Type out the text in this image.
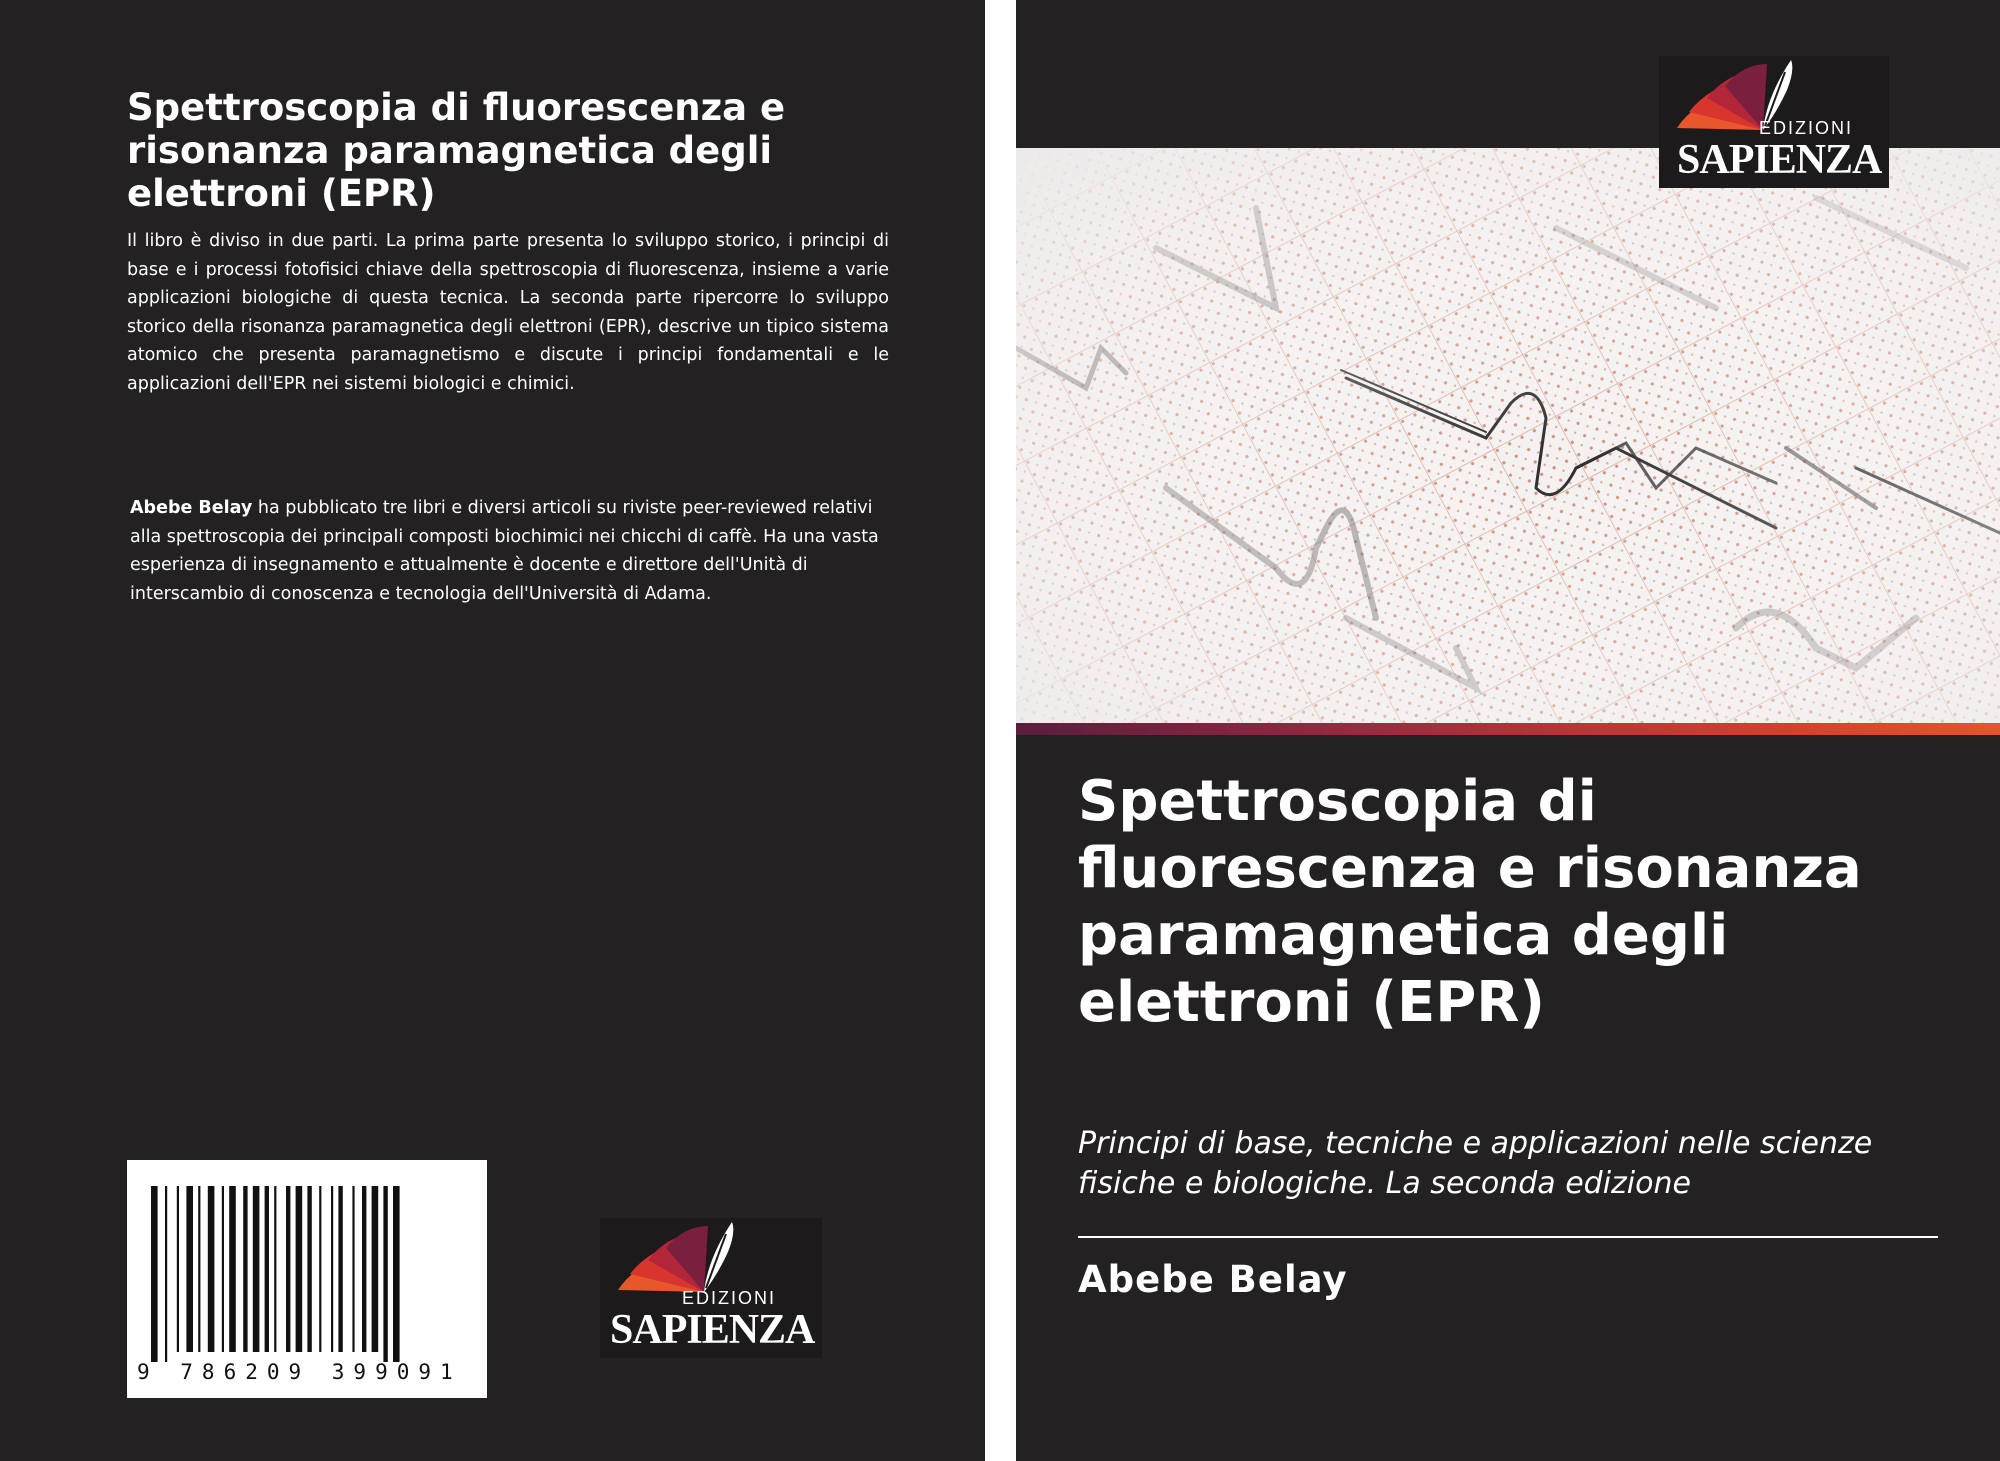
Spettroscopia di fluorescenza e risonanza paramagnetica degli elettroni (EPR)

Il libro è diviso in due parti. La prima parte presenta lo sviluppo storico, i principi di base e i processi fotofisici chiave della spettroscopia di fluorescenza, insieme a varie applicazioni biologiche di questa tecnica. La seconda parte ripercorre lo sviluppo storico della risonanza paramagnetica degli elettroni (EPR), descrive un tipico sistema atomico che presenta paramagnetismo e discute i principi fondamentali e le applicazioni dell'EPR nei sistemi biologici e chimici.

Abebe Belay ha pubblicato tre libri e diversi articoli su riviste peer-reviewed relativi alla spettroscopia dei principali composti biochimici nei chicchi di caffè. Ha una vasta esperienza di insegnamento e attualmente è docente e direttore dell'Unità di interscambio di conoscenza e tecnologia dell'Università di Adama.

9 786209 399091
EDIZIONI
SAPIENZA
EDIZIONI
SAPIENZA
Spettroscopia di fluorescenza e risonanza paramagnetica degli elettroni (EPR)
Principi di base, tecniche e applicazioni nelle scienze fisiche e biologiche. La seconda edizione
Abebe Belay
